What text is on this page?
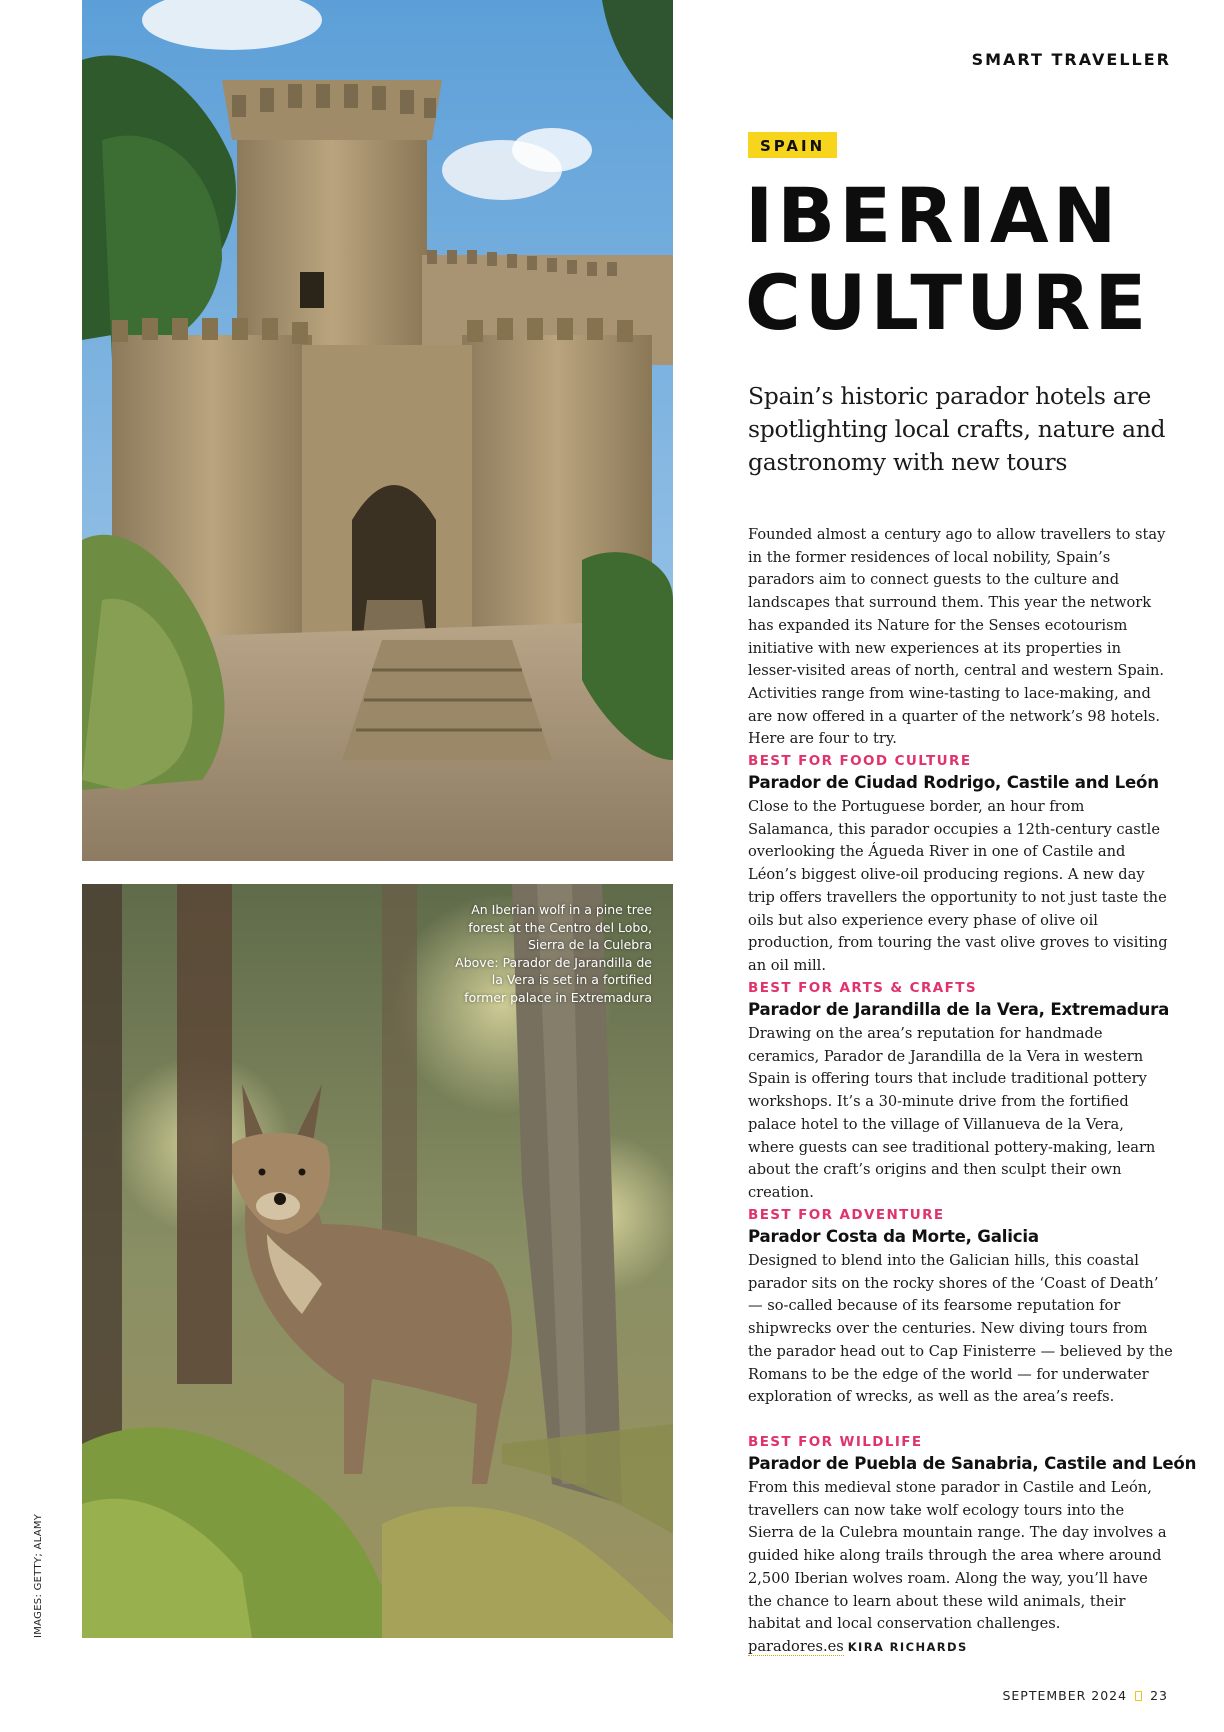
An Iberian wolf in a pine tree forest at the Centro del Lobo, Sierra de la Culebra

Above: Parador de Jarandilla de la Vera is set in a fortified former palace in Extremadura

IMAGES: GETTY; ALAMY
SMART TRAVELLER
SPAIN
IBERIAN
CULTURE

Spain’s historic parador hotels are spotlighting local crafts, nature and gastronomy with new tours

Founded almost a century ago to allow travellers to stay in the former residences of local nobility, Spain’s paradors aim to connect guests to the culture and landscapes that surround them. This year the network has expanded its Nature for the Senses ecotourism initiative with new experiences at its properties in lesser-visited areas of north, central and western Spain. Activities range from wine-tasting to lace-making, and are now offered in a quarter of the network’s 98 hotels. Here are four to try.

BEST FOR FOOD CULTURE
Parador de Ciudad Rodrigo, Castile and León

Close to the Portuguese border, an hour from Salamanca, this parador occupies a 12th-century castle overlooking the Águeda River in one of Castile and Léon’s biggest olive-oil producing regions. A new day trip offers travellers the opportunity to not just taste the oils but also experience every phase of olive oil production, from touring the vast olive groves to visiting an oil mill.

BEST FOR ARTS & CRAFTS
Parador de Jarandilla de la Vera, Extremadura

Drawing on the area’s reputation for handmade ceramics, Parador de Jarandilla de la Vera in western Spain is offering tours that include traditional pottery workshops. It’s a 30-minute drive from the fortified palace hotel to the village of Villanueva de la Vera, where guests can see traditional pottery-making, learn about the craft’s origins and then sculpt their own creation.

BEST FOR ADVENTURE
Parador Costa da Morte, Galicia

Designed to blend into the Galician hills, this coastal parador sits on the rocky shores of the ‘Coast of Death’ — so-called because of its fearsome reputation for shipwrecks over the centuries. New diving tours from the parador head out to Cap Finisterre — believed by the Romans to be the edge of the world — for underwater exploration of wrecks, as well as the area’s reefs.

BEST FOR WILDLIFE
Parador de Puebla de Sanabria, Castile and León

From this medieval stone parador in Castile and León, travellers can now take wolf ecology tours into the Sierra de la Culebra mountain range. The day involves a guided hike along trails through the area where around 2,500 Iberian wolves roam. Along the way, you’ll have the chance to learn about these wild animals, their habitat and local conservation challenges. paradores.es KIRA RICHARDS

SEPTEMBER 2024 23
